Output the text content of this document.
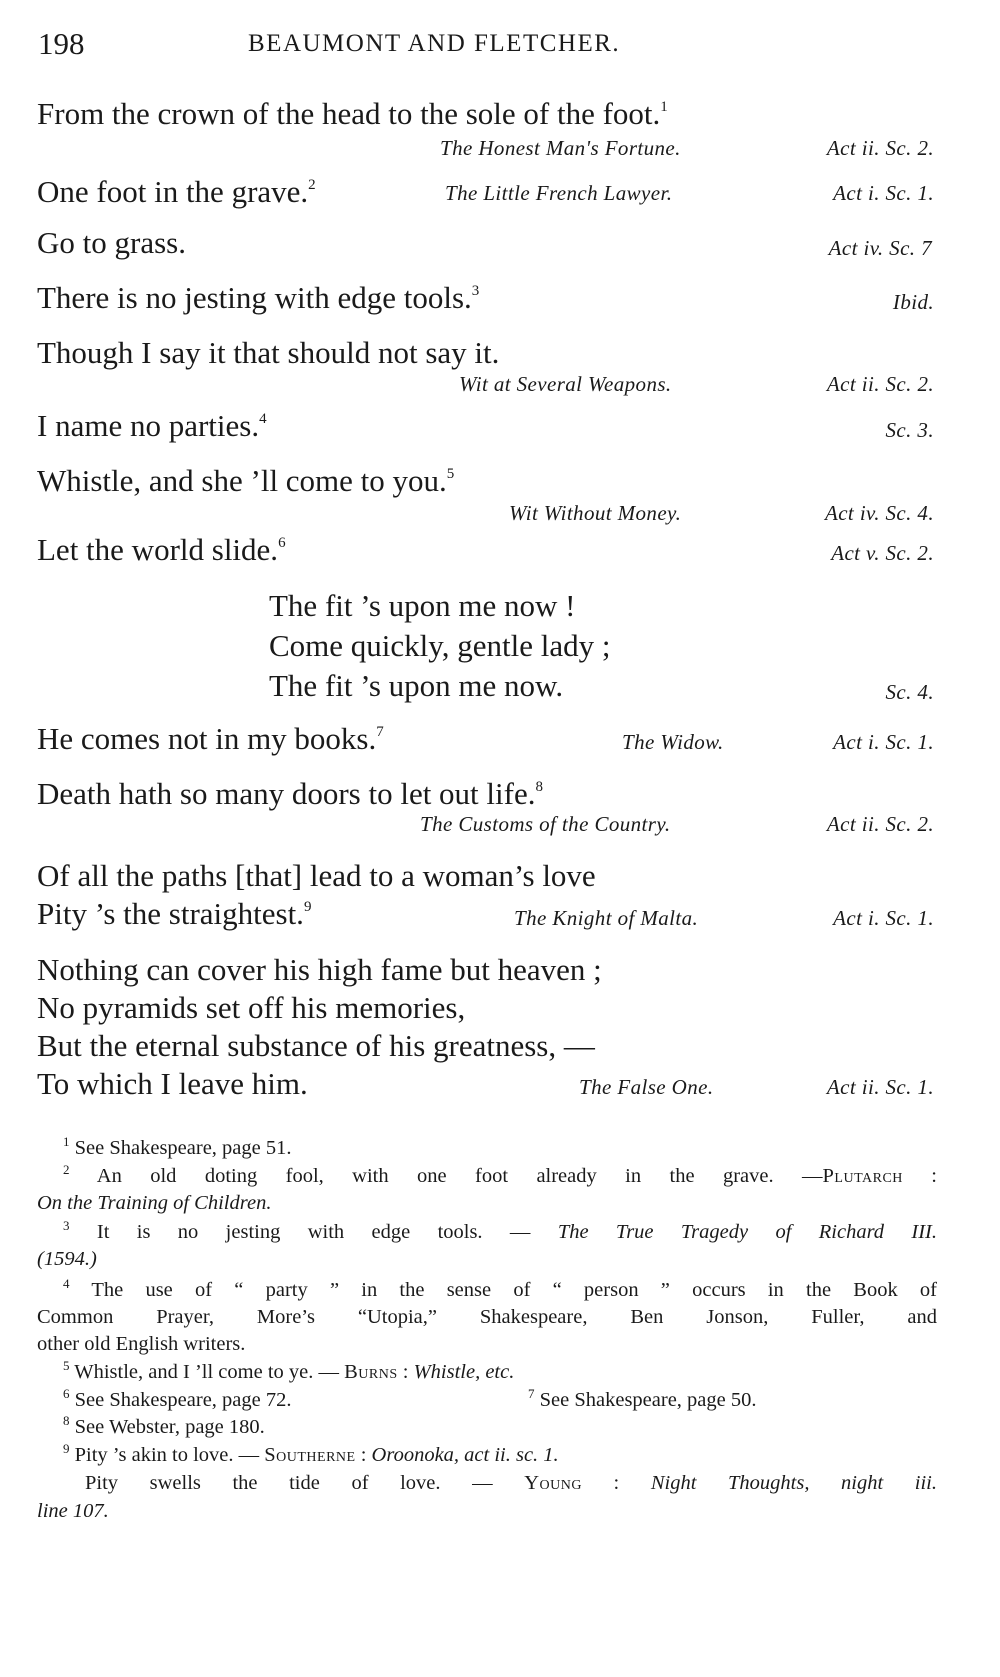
198	BEAUMONT AND FLETCHER.
From the crown of the head to the sole of the foot.$^1$
The Honest Man's Fortune.	Act ii. Sc. 2.
One foot in the grave.$^2$	The Little French Lawyer.	Act i. Sc. 1.
Go to grass.	Act iv. Sc. 7
There is no jesting with edge tools.$^3$	Ibid.
Though I say it that should not say it.
Wit at Several Weapons.	Act ii. Sc. 2.
I name no parties.$^4$	Sc. 3.
Whistle, and she ’ll come to you.$^5$
Wit Without Money.	Act iv. Sc. 4.
Let the world slide.$^6$	Act v. Sc. 2.
The fit ’s upon me now !
Come quickly, gentle lady ;
The fit ’s upon me now.	Sc. 4.
He comes not in my books.$^7$	The Widow.	Act i. Sc. 1.
Death hath so many doors to let out life.$^8$
The Customs of the Country.	Act ii. Sc. 2.
Of all the paths [that] lead to a woman’s love
Pity ’s the straightest.$^9$	The Knight of Malta.	Act i. Sc. 1.
Nothing can cover his high fame but heaven ;
No pyramids set off his memories,
But the eternal substance of his greatness, —
To which I leave him.	The False One.	Act ii. Sc. 1.
$^1$ See Shakespeare, page 51.
$^2$ An old doting fool, with one foot already in the grave. —Plutarch :
On the Training of Children.
$^3$ It is no jesting with edge tools. — The True Tragedy of Richard III.
(1594.)
$^4$ The use of “ party ” in the sense of “ person ” occurs in the Book of
Common Prayer, More’s “Utopia,” Shakespeare, Ben Jonson, Fuller, and
other old English writers.
$^5$ Whistle, and I ’ll come to ye. — Burns : Whistle, etc.
$^6$ See Shakespeare, page 72.	$^7$ See Shakespeare, page 50.
$^8$ See Webster, page 180.
$^9$ Pity ’s akin to love. — Southerne : Oroonoka, act ii. sc. 1.
Pity swells the tide of love. — Young : Night Thoughts, night iii.
line 107.
